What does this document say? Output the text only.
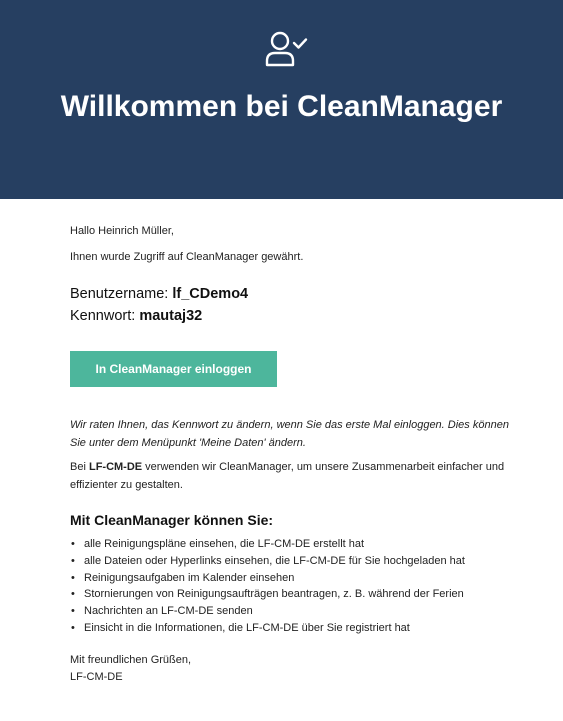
Willkommen bei CleanManager

Hallo Heinrich Müller,

Ihnen wurde Zugriff auf CleanManager gewährt.

Benutzername: lf_CDemo4
Kennwort: mautaj32
In CleanManager einloggen

Wir raten Ihnen, das Kennwort zu ändern, wenn Sie das erste Mal einloggen. Dies können Sie unter dem Menüpunkt 'Meine Daten' ändern.

Bei LF-CM-DE verwenden wir CleanManager, um unsere Zusammenarbeit einfacher und effizienter zu gestalten.

Mit CleanManager können Sie:
• alle Reinigungspläne einsehen, die LF-CM-DE erstellt hat
• alle Dateien oder Hyperlinks einsehen, die LF-CM-DE für Sie hochgeladen hat
• Reinigungsaufgaben im Kalender einsehen
• Stornierungen von Reinigungsaufträgen beantragen, z. B. während der Ferien
• Nachrichten an LF-CM-DE senden
• Einsicht in die Informationen, die LF-CM-DE über Sie registriert hat

Mit freundlichen Grüßen,

LF-CM-DE
